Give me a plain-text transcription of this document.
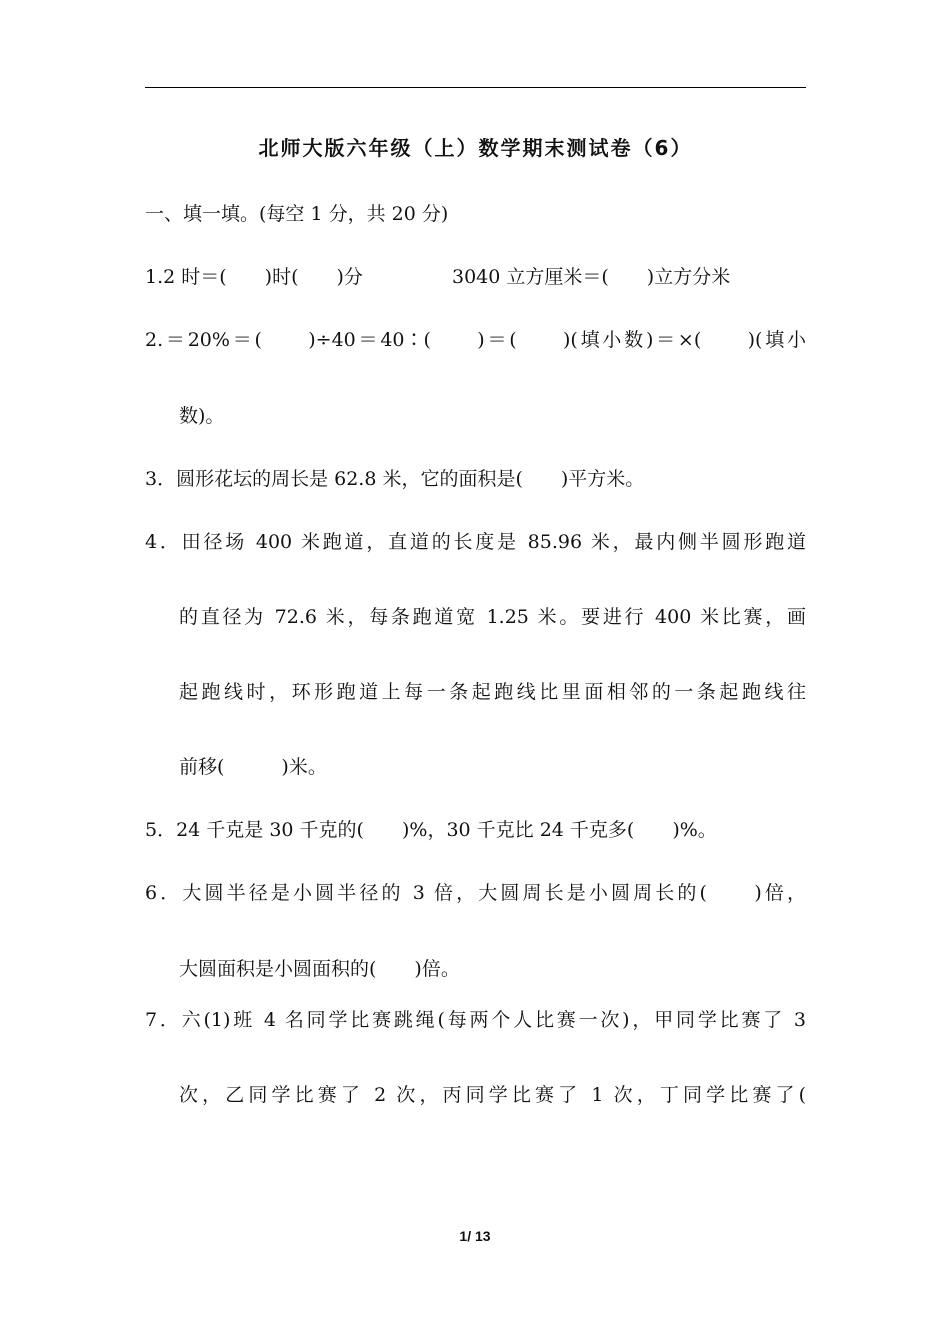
北师大版六年级（上）数学期末测试卷（6）
一、填一填。(每空 1 分，共 20 分)
1.2 时＝(　　)时(　　)分	3040 立方厘米＝(　　)立方分米
2.＝20%＝(　　)÷40＝40∶(　　)＝(　　)(填小数)＝×(　　)(填小
数)。
3．圆形花坛的周长是 62.8 米，它的面积是(　　)平方米。
4．田径场 400 米跑道，直道的长度是 85.96 米，最内侧半圆形跑道
的直径为 72.6 米，每条跑道宽 1.25 米。要进行 400 米比赛，画
起跑线时，环形跑道上每一条起跑线比里面相邻的一条起跑线往
前移(　　　)米。
5．24 千克是 30 千克的(　　)%，30 千克比 24 千克多(　　)%。
6．大圆半径是小圆半径的 3 倍，大圆周长是小圆周长的(　　)倍，
大圆面积是小圆面积的(　　)倍。
7．六(1)班 4 名同学比赛跳绳(每两个人比赛一次)，甲同学比赛了 3
次，乙同学比赛了 2 次，丙同学比赛了 1 次，丁同学比赛了(
1/ 13
